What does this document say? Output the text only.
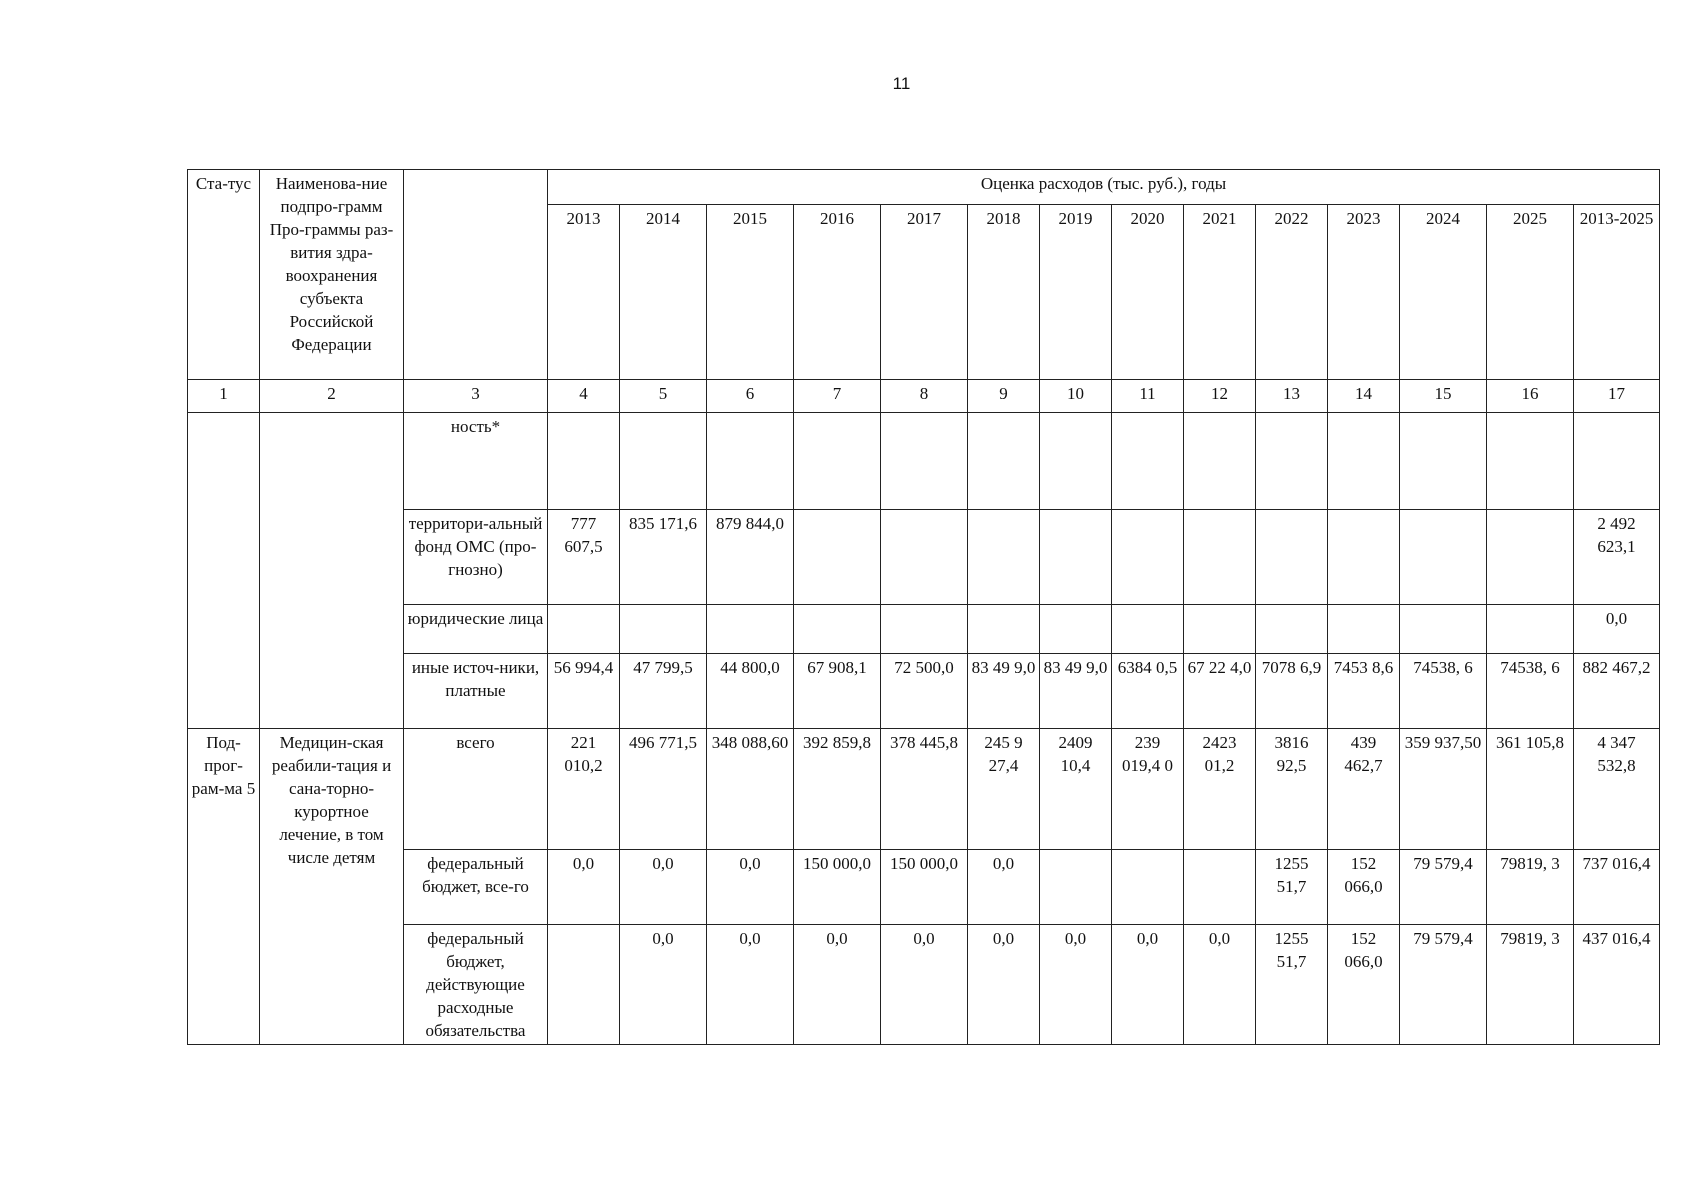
11
Ста-тус	Наименова-ние подпро-грамм Про-граммы раз-вития здра-воохранения субъекта Российской Федерации		Оценка расходов (тыс. руб.), годы													
			2013	2014	2015	2016	2017	2018	2019	2020	2021	2022	2023	2024	2025	2013-2025
1	2	3	4	5	6	7	8	9	10	11	12	13	14	15	16	17
		ность*														
		территори-альный фонд ОМС (про-гнозно)	777 607,5	835 171,6	879 844,0											2 492 623,1
		юридические лица														0,0
		иные источ-ники, платные	56 994,4	47 799,5	44 800,0	67 908,1	72 500,0	83 49 9,0	83 49 9,0	6384 0,5	67 22 4,0	7078 6,9	7453 8,6	74538, 6	74538, 6	882 467,2
Под-прог-рам-ма 5	Медицин-ская реабили-тация и сана-торно-курортное лечение, в том числе детям	всего	221 010,2	496 771,5	348 088,60	392 859,8	378 445,8	245 9 27,4	2409 10,4	239 019,4 0	2423 01,2	3816 92,5	439 462,7	359 937,50	361 105,8	4 347 532,8
		федеральный бюджет, все-го	0,0	0,0	0,0	150 000,0	150 000,0	0,0				1255 51,7	152 066,0	79 579,4	79819, 3	737 016,4
		федеральный бюджет, действующие расходные обязательства		0,0	0,0	0,0	0,0	0,0	0,0	0,0	0,0	1255 51,7	152 066,0	79 579,4	79819, 3	437 016,4
